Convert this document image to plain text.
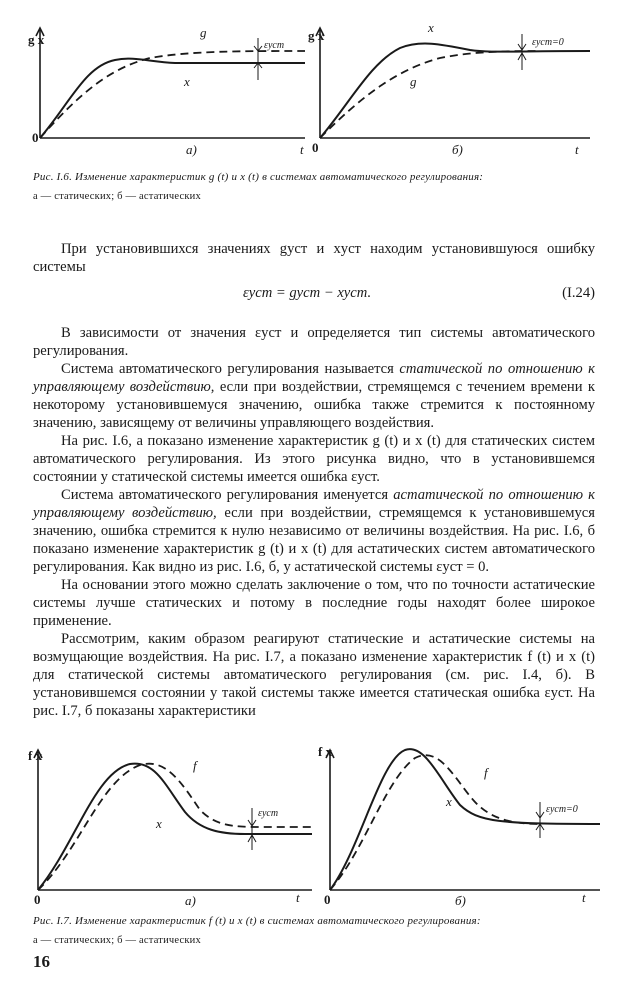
g x	g
x
εуст
0
а)	t
g x
x
g
εуст=0
0	б)	t
Рис. I.6. Изменение характеристик g (t) и x (t) в системах автоматического регулирования:
а — статических; б — астатических

При установившихся значениях gуст и xуст находим установившуюся ошибку системы

εуст = gуст − xуст.	(I.24)

В зависимости от значения εуст и определяется тип системы автоматического регулирования.

Система автоматического регулирования называется статической по отношению к управляющему воздействию, если при воздействии, стремящемся с течением времени к некоторому установившемуся значению, ошибка также стремится к постоянному значению, зависящему от величины управляющего воздействия.

На рис. I.6, а показано изменение характеристик g (t) и x (t) для статических систем автоматического регулирования. Из этого рисунка видно, что в установившемся состоянии у статической системы имеется ошибка εуст.

Система автоматического регулирования именуется астатической по отношению к управляющему воздействию, если при воздействии, стремящемся к установившемуся значению, ошибка стремится к нулю независимо от величины воздействия. На рис. I.6, б показано изменение характеристик g (t) и x (t) для астатических систем автоматического регулирования. Как видно из рис. I.6, б, у астатической системы εуст = 0.

На основании этого можно сделать заключение о том, что по точности астатические системы лучше статических и потому в последние годы находят более широкое применение.

Рассмотрим, каким образом реагируют статические и астатические системы на возмущающие воздействия. На рис. I.7, а показано изменение характеристик f (t) и x (t) для статической системы автоматического регулирования (см. рис. I.4, б). В установившемся состоянии у такой системы также имеется статическая ошибка εуст. На рис. I.7, б показаны характеристики

f x
f
x
εуст
0	а)	t
f x
f
x
εуст=0
0	б)	t
Рис. I.7. Изменение характеристик f (t) и x (t) в системах автоматического регулирования:
а — статических; б — астатических
16
